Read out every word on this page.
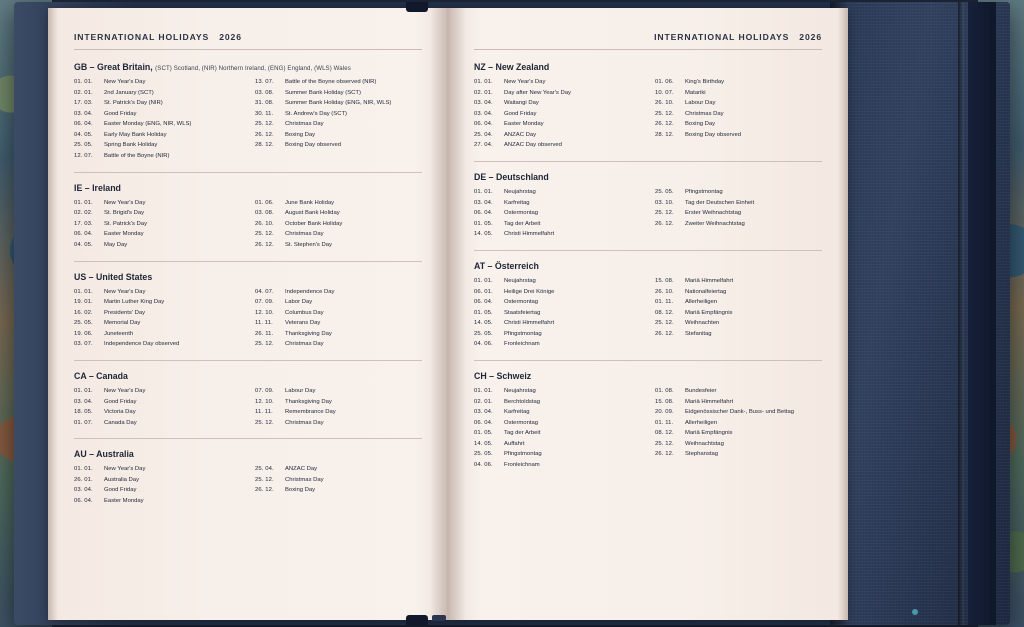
INTERNATIONAL HOLIDAYS 2026
GB – Great Britain, (SCT) Scotland, (NIR) Northern Ireland, (ENG) England, (WLS) Wales
01. 01.	New Year's Day
02. 01.	2nd January (SCT)
17. 03.	St. Patrick's Day (NIR)
03. 04.	Good Friday
06. 04.	Easter Monday (ENG, NIR, WLS)
04. 05.	Early May Bank Holiday
25. 05.	Spring Bank Holiday
12. 07.	Battle of the Boyne (NIR)
13. 07.	Battle of the Boyne observed (NIR)
03. 08.	Summer Bank Holiday (SCT)
31. 08.	Summer Bank Holiday (ENG, NIR, WLS)
30. 11.	St. Andrew's Day (SCT)
25. 12.	Christmas Day
26. 12.	Boxing Day
28. 12.	Boxing Day observed
IE – Ireland
01. 01.	New Year's Day
02. 02.	St. Brigid's Day
17. 03.	St. Patrick's Day
06. 04.	Easter Monday
04. 05.	May Day
01. 06.	June Bank Holiday
03. 08.	August Bank Holiday
26. 10.	October Bank Holiday
25. 12.	Christmas Day
26. 12.	St. Stephen's Day
US – United States
01. 01.	New Year's Day
19. 01.	Martin Luther King Day
16. 02.	Presidents' Day
25. 05.	Memorial Day
19. 06.	Juneteenth
03. 07.	Independence Day observed
04. 07.	Independence Day
07. 09.	Labor Day
12. 10.	Columbus Day
11. 11.	Veterans Day
26. 11.	Thanksgiving Day
25. 12.	Christmas Day
CA – Canada
01. 01.	New Year's Day
03. 04.	Good Friday
18. 05.	Victoria Day
01. 07.	Canada Day
07. 09.	Labour Day
12. 10.	Thanksgiving Day
11. 11.	Remembrance Day
25. 12.	Christmas Day
AU – Australia
01. 01.	New Year's Day
26. 01.	Australia Day
03. 04.	Good Friday
06. 04.	Easter Monday
25. 04.	ANZAC Day
25. 12.	Christmas Day
26. 12.	Boxing Day
INTERNATIONAL HOLIDAYS 2026
NZ – New Zealand
01. 01.	New Year's Day
02. 01.	Day after New Year's Day
03. 04.	Waitangi Day
03. 04.	Good Friday
06. 04.	Easter Monday
25. 04.	ANZAC Day
27. 04.	ANZAC Day observed
01. 06.	King's Birthday
10. 07.	Matariki
26. 10.	Labour Day
25. 12.	Christmas Day
26. 12.	Boxing Day
28. 12.	Boxing Day observed
DE – Deutschland
01. 01.	Neujahrstag
03. 04.	Karfreitag
06. 04.	Ostermontag
01. 05.	Tag der Arbeit
14. 05.	Christi Himmelfahrt
25. 05.	Pfingstmontag
03. 10.	Tag der Deutschen Einheit
25. 12.	Erster Weihnachtstag
26. 12.	Zweiter Weihnachtstag
AT – Österreich
01. 01.	Neujahrstag
06. 01.	Heilige Drei Könige
06. 04.	Ostermontag
01. 05.	Staatsfeiertag
14. 05.	Christi Himmelfahrt
25. 05.	Pfingstmontag
04. 06.	Fronleichnam
15. 08.	Mariä Himmelfahrt
26. 10.	Nationalfeiertag
01. 11.	Allerheiligen
08. 12.	Mariä Empfängnis
25. 12.	Weihnachten
26. 12.	Stefanitag
CH – Schweiz
01. 01.	Neujahrstag
02. 01.	Berchtoldstag
03. 04.	Karfreitag
06. 04.	Ostermontag
01. 05.	Tag der Arbeit
14. 05.	Auffahrt
25. 05.	Pfingstmontag
04. 06.	Fronleichnam
01. 08.	Bundesfeier
15. 08.	Mariä Himmelfahrt
20. 09.	Eidgenössischer Dank-, Buss- und Bettag
01. 11.	Allerheiligen
08. 12.	Mariä Empfängnis
25. 12.	Weihnachtstag
26. 12.	Stephanstag
